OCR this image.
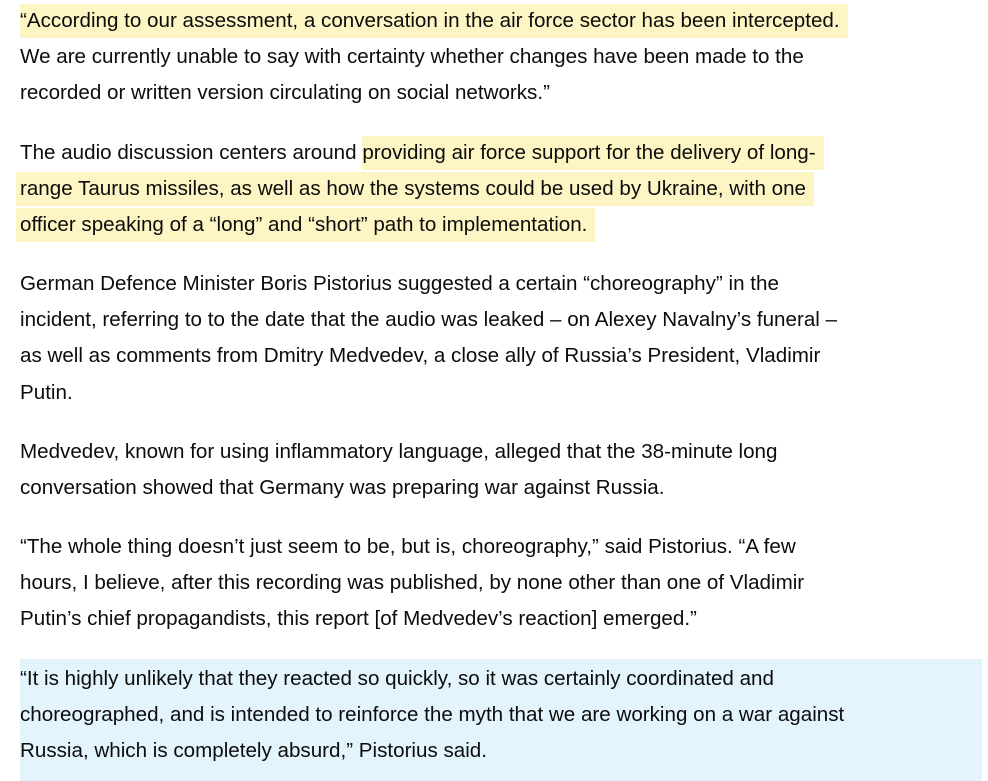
“According to our assessment, a conversation in the air force sector has been intercepted.
We are currently unable to say with certainty whether changes have been made to the
recorded or written version circulating on social networks.”
The audio discussion centers around providing air force support for the delivery of long-
range Taurus missiles, as well as how the systems could be used by Ukraine, with one
officer speaking of a “long” and “short” path to implementation.
German Defence Minister Boris Pistorius suggested a certain “choreography” in the
incident, referring to to the date that the audio was leaked – on Alexey Navalny’s funeral –
as well as comments from Dmitry Medvedev, a close ally of Russia’s President, Vladimir
Putin.
Medvedev, known for using inflammatory language, alleged that the 38-minute long
conversation showed that Germany was preparing war against Russia.
“The whole thing doesn’t just seem to be, but is, choreography,” said Pistorius. “A few
hours, I believe, after this recording was published, by none other than one of Vladimir
Putin’s chief propagandists, this report [of Medvedev’s reaction] emerged.”
“It is highly unlikely that they reacted so quickly, so it was certainly coordinated and
choreographed, and is intended to reinforce the myth that we are working on a war against
Russia, which is completely absurd,” Pistorius said.
